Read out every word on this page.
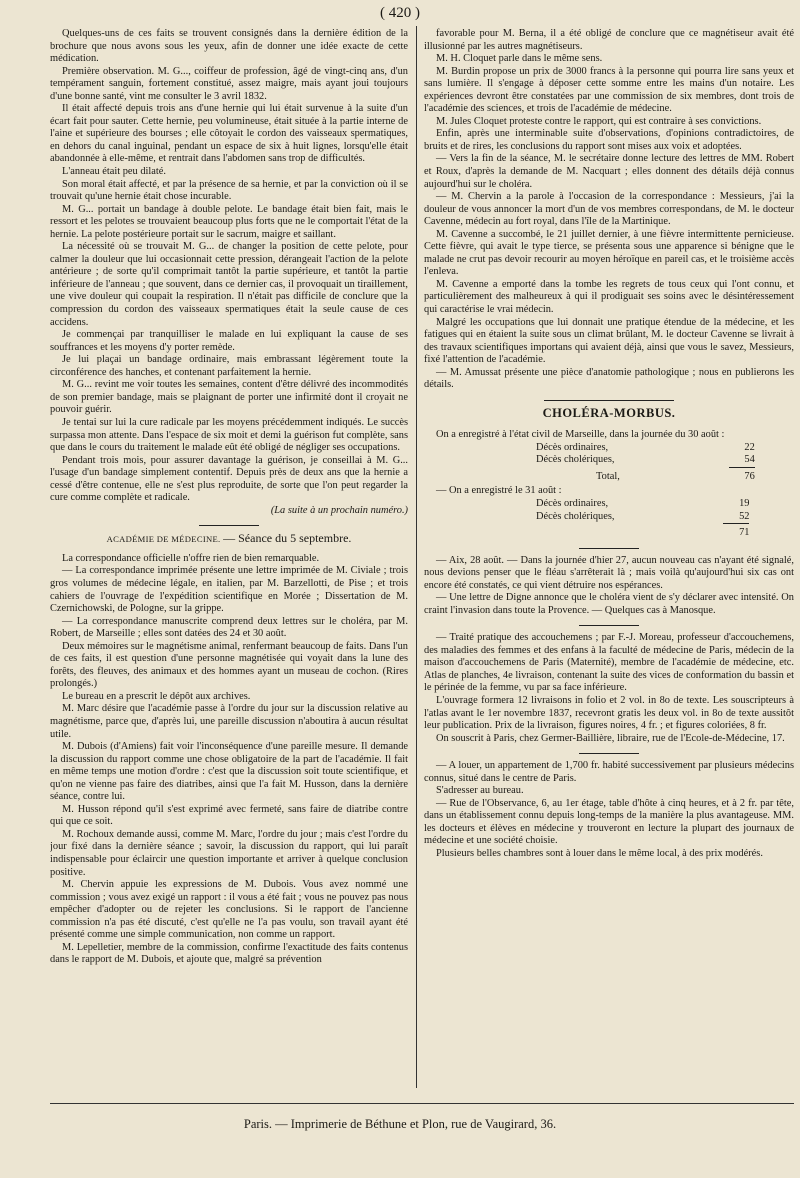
( 420 )

Quelques-uns de ces faits se trouvent consignés dans la dernière édition de la brochure que nous avons sous les yeux, afin de donner une idée exacte de cette médication.

Première observation. M. G..., coiffeur de profession, âgé de vingt-cinq ans, d'un tempérament sanguin, fortement constitué, assez maigre, mais ayant joui toujours d'une bonne santé, vint me consulter le 3 avril 1832.

Il était affecté depuis trois ans d'une hernie qui lui était survenue à la suite d'un écart fait pour sauter. Cette hernie, peu volumineuse, était située à la partie interne de l'aine et supérieure des bourses ; elle côtoyait le cordon des vaisseaux spermatiques, en dehors du canal inguinal, pendant un espace de six à huit lignes, lorsqu'elle était abandonnée à elle-même, et rentrait dans l'abdomen sans trop de difficultés.

L'anneau était peu dilaté.

Son moral était affecté, et par la présence de sa hernie, et par la conviction où il se trouvait qu'une hernie était chose incurable.

M. G... portait un bandage à double pelote. Le bandage était bien fait, mais le ressort et les pelotes se trouvaient beaucoup plus forts que ne le comportait l'état de la hernie. La pelote postérieure portait sur le sacrum, maigre et saillant.

La nécessité où se trouvait M. G... de changer la position de cette pelote, pour calmer la douleur que lui occasionnait cette pression, dérangeait l'action de la pelote antérieure ; de sorte qu'il comprimait tantôt la partie supérieure, et tantôt la partie inférieure de l'anneau ; que souvent, dans ce dernier cas, il provoquait un tiraillement, une vive douleur qui coupait la respiration. Il n'était pas difficile de conclure que la compression du cordon des vaisseaux spermatiques était la seule cause de ces accidens.

Je commençai par tranquilliser le malade en lui expliquant la cause de ses souffrances et les moyens d'y porter remède.

Je lui plaçai un bandage ordinaire, mais embrassant légèrement toute la circonférence des hanches, et contenant parfaitement la hernie.

M. G... revint me voir toutes les semaines, content d'être délivré des incommodités de son premier bandage, mais se plaignant de porter une infirmité dont il croyait ne pouvoir guérir.

Je tentai sur lui la cure radicale par les moyens précédemment indiqués. Le succès surpassa mon attente. Dans l'espace de six moit et demi la guérison fut complète, sans que dans le cours du traitement le malade eût été obligé de négliger ses occupations.

Pendant trois mois, pour assurer davantage la guérison, je conseillai à M. G... l'usage d'un bandage simplement contentif. Depuis près de deux ans que la hernie a cessé d'être contenue, elle ne s'est plus reproduite, de sorte que l'on peut regarder la cure comme complète et radicale.

(La suite à un prochain numéro.)

ACADÉMIE DE MÉDECINE. — Séance du 5 septembre.

La correspondance officielle n'offre rien de bien remarquable.

— La correspondance imprimée présente une lettre imprimée de M. Civiale ; trois gros volumes de médecine légale, en italien, par M. Barzellotti, de Pise ; et trois cahiers de l'ouvrage de l'expédition scientifique en Morée ; Dissertation de M. Czernichowski, de Pologne, sur la grippe.

— La correspondance manuscrite comprend deux lettres sur le choléra, par M. Robert, de Marseille ; elles sont datées des 24 et 30 août.

Deux mémoires sur le magnétisme animal, renfermant beaucoup de faits. Dans l'un de ces faits, il est question d'une personne magnétisée qui voyait dans la lune des forêts, des fleuves, des animaux et des hommes ayant un museau de cochon. (Rires prolongés.)

Le bureau en a prescrit le dépôt aux archives.

M. Marc désire que l'académie passe à l'ordre du jour sur la discussion relative au magnétisme, parce que, d'après lui, une pareille discussion n'aboutira à aucun résultat utile.

M. Dubois (d'Amiens) fait voir l'inconséquence d'une pareille mesure. Il demande la discussion du rapport comme une chose obligatoire de la part de l'académie. Il fait en même temps une motion d'ordre : c'est que la discussion soit toute scientifique, et qu'on ne vienne pas faire des diatribes, ainsi que l'a fait M. Husson, dans la dernière séance, contre lui.

M. Husson répond qu'il s'est exprimé avec fermeté, sans faire de diatribe contre qui que ce soit.

M. Rochoux demande aussi, comme M. Marc, l'ordre du jour ; mais c'est l'ordre du jour fixé dans la dernière séance ; savoir, la discussion du rapport, qui lui paraît indispensable pour éclaircir une question importante et arriver à quelque conclusion positive.

M. Chervin appuie les expressions de M. Dubois. Vous avez nommé une commission ; vous avez exigé un rapport : il vous a été fait ; vous ne pouvez pas nous empêcher d'adopter ou de rejeter les conclusions. Si le rapport de l'ancienne commission n'a pas été discuté, c'est qu'elle ne l'a pas voulu, son travail ayant été présenté comme une simple communication, non comme un rapport.

M. Lepelletier, membre de la commission, confirme l'exactitude des faits contenus dans le rapport de M. Dubois, et ajoute que, malgré sa prévention

favorable pour M. Berna, il a été obligé de conclure que ce magnétiseur avait été illusionné par les autres magnétiseurs.

M. H. Cloquet parle dans le même sens.

M. Burdin propose un prix de 3000 francs à la personne qui pourra lire sans yeux et sans lumière. Il s'engage à déposer cette somme entre les mains d'un notaire. Les expériences devront être constatées par une commission de six membres, dont trois de l'académie des sciences, et trois de l'académie de médecine.

M. Jules Cloquet proteste contre le rapport, qui est contraire à ses convictions.

Enfin, après une interminable suite d'observations, d'opinions contradictoires, de bruits et de rires, les conclusions du rapport sont mises aux voix et adoptées.

— Vers la fin de la séance, M. le secrétaire donne lecture des lettres de MM. Robert et Roux, d'après la demande de M. Nacquart ; elles donnent des détails déjà connus aujourd'hui sur le choléra.

— M. Chervin a la parole à l'occasion de la correspondance : Messieurs, j'ai la douleur de vous annoncer la mort d'un de vos membres correspondans, de M. le docteur Cavenne, médecin au fort royal, dans l'île de la Martinique.

M. Cavenne a succombé, le 21 juillet dernier, à une fièvre intermittente pernicieuse. Cette fièvre, qui avait le type tierce, se présenta sous une apparence si bénigne que le malade ne crut pas devoir recourir au moyen héroïque en pareil cas, et le troisième accès l'enleva.

M. Cavenne a emporté dans la tombe les regrets de tous ceux qui l'ont connu, et particulièrement des malheureux à qui il prodiguait ses soins avec le désintéressement qui caractérise le vrai médecin.

Malgré les occupations que lui donnait une pratique étendue de la médecine, et les fatigues qui en étaient la suite sous un climat brûlant, M. le docteur Cavenne se livrait à des travaux scientifiques importans qui avaient déjà, ainsi que vous le savez, Messieurs, fixé l'attention de l'académie.

— M. Amussat présente une pièce d'anatomie pathologique ; nous en publierons les détails.

CHOLÉRA-MORBUS.

On a enregistré à l'état civil de Marseille, dans la journée du 30 août :

Décès ordinaires,	22
Décès cholériques,	54

Total,	76

— On a enregistré le 31 août :

Décès ordinaires,	19
Décès cholériques,	52

	71

— Aix, 28 août. — Dans la journée d'hier 27, aucun nouveau cas n'ayant été signalé, nous devions penser que le fléau s'arrêterait là ; mais voilà qu'aujourd'hui six cas ont encore été constatés, ce qui vient détruire nos espérances.

— Une lettre de Digne annonce que le choléra vient de s'y déclarer avec intensité. On craint l'invasion dans toute la Provence. — Quelques cas à Manosque.

— Traité pratique des accouchemens ; par F.-J. Moreau, professeur d'accouchemens, des maladies des femmes et des enfans à la faculté de médecine de Paris, médecin de la maison d'accouchemens de Paris (Maternité), membre de l'académie de médecine, etc. Atlas de planches, 4e livraison, contenant la suite des vices de conformation du bassin et le périnée de la femme, vu par sa face inférieure.

L'ouvrage formera 12 livraisons in folio et 2 vol. in 8o de texte. Les souscripteurs à l'atlas avant le 1er novembre 1837, recevront gratis les deux vol. in 8o de texte aussitôt leur publication. Prix de la livraison, figures noires, 4 fr. ; et figures coloriées, 8 fr.

On souscrit à Paris, chez Germer-Baillière, libraire, rue de l'Ecole-de-Médecine, 17.

— A louer, un appartement de 1,700 fr. habité successivement par plusieurs médecins connus, situé dans le centre de Paris.

S'adresser au bureau.

— Rue de l'Observance, 6, au 1er étage, table d'hôte à cinq heures, et à 2 fr. par tête, dans un établissement connu depuis long-temps de la manière la plus avantageuse. MM. les docteurs et élèves en médecine y trouveront en lecture la plupart des journaux de médecine et une société choisie.

Plusieurs belles chambres sont à louer dans le même local, à des prix modérés.

Paris. — Imprimerie de Béthune et Plon, rue de Vaugirard, 36.
